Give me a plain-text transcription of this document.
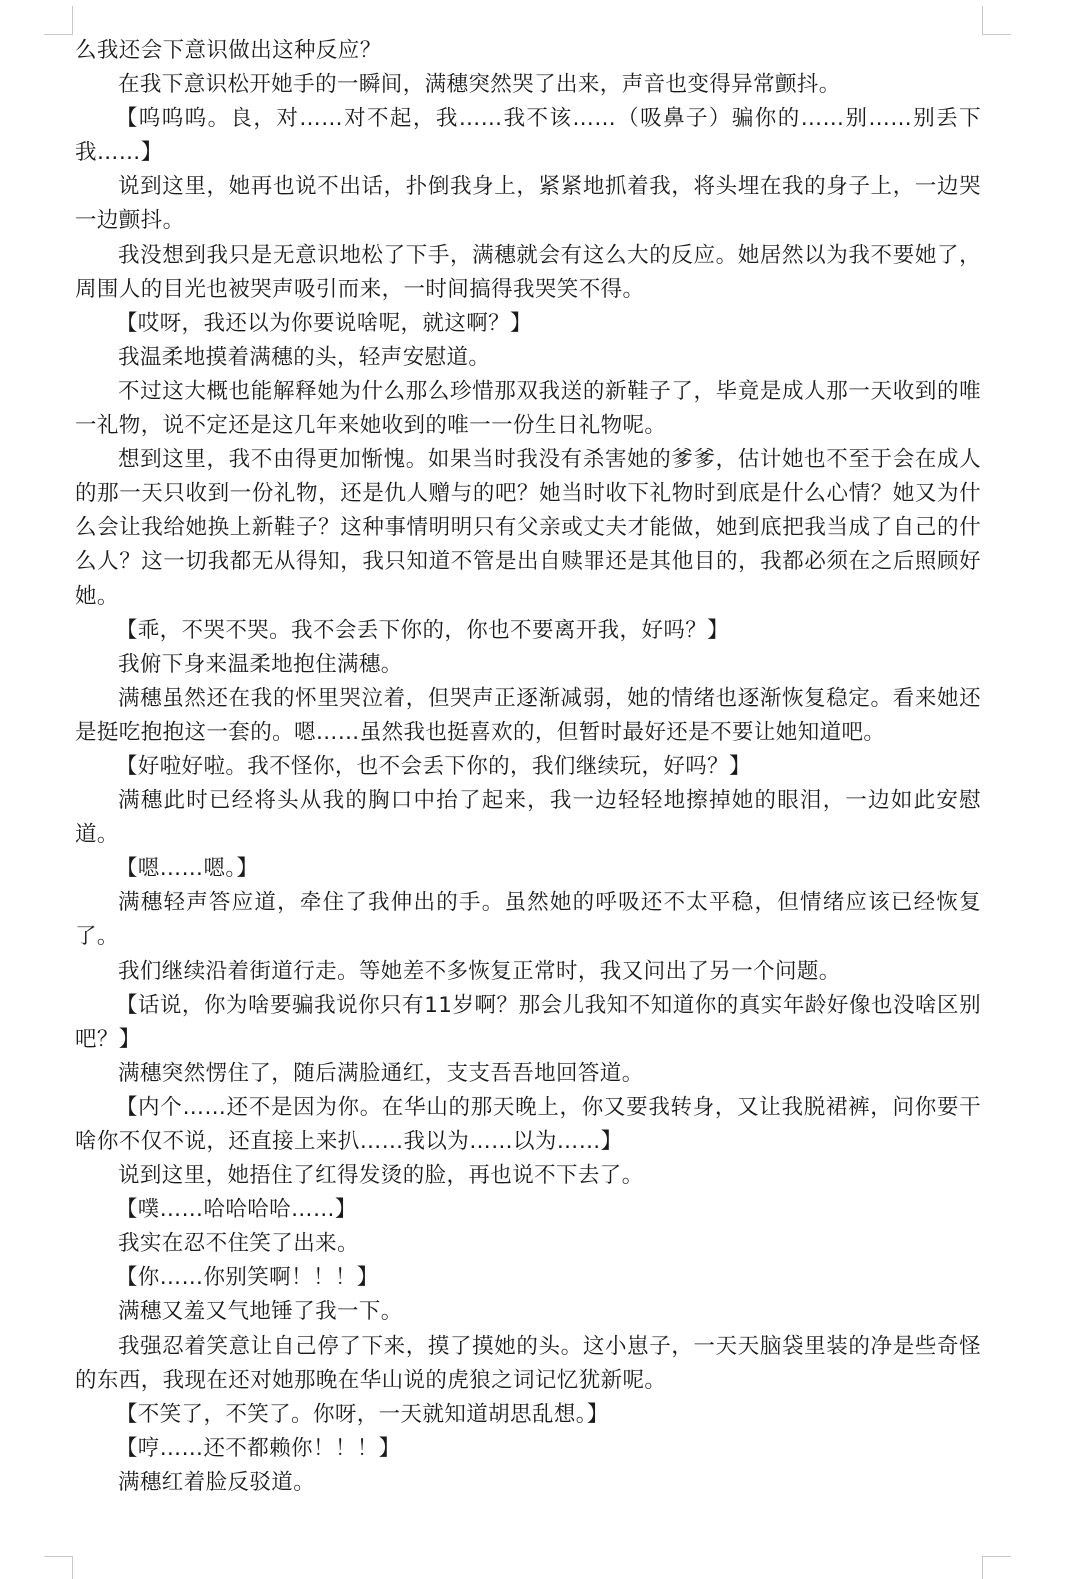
么我还会下意识做出这种反应？

在我下意识松开她手的一瞬间，满穗突然哭了出来，声音也变得异常颤抖。

【呜呜呜。良，对……对不起，我……我不该……（吸鼻子）骗你的……别……别丢下我……】

说到这里，她再也说不出话，扑倒我身上，紧紧地抓着我，将头埋在我的身子上，一边哭一边颤抖。

我没想到我只是无意识地松了下手，满穗就会有这么大的反应。她居然以为我不要她了，周围人的目光也被哭声吸引而来，一时间搞得我哭笑不得。

【哎呀，我还以为你要说啥呢，就这啊？】

我温柔地摸着满穗的头，轻声安慰道。

不过这大概也能解释她为什么那么珍惜那双我送的新鞋子了，毕竟是成人那一天收到的唯一礼物，说不定还是这几年来她收到的唯一一份生日礼物呢。

想到这里，我不由得更加惭愧。如果当时我没有杀害她的爹爹，估计她也不至于会在成人的那一天只收到一份礼物，还是仇人赠与的吧？她当时收下礼物时到底是什么心情？她又为什么会让我给她换上新鞋子？这种事情明明只有父亲或丈夫才能做，她到底把我当成了自己的什么人？这一切我都无从得知，我只知道不管是出自赎罪还是其他目的，我都必须在之后照顾好她。

【乖，不哭不哭。我不会丢下你的，你也不要离开我，好吗？】

我俯下身来温柔地抱住满穗。

满穗虽然还在我的怀里哭泣着，但哭声正逐渐减弱，她的情绪也逐渐恢复稳定。看来她还是挺吃抱抱这一套的。嗯……虽然我也挺喜欢的，但暂时最好还是不要让她知道吧。

【好啦好啦。我不怪你，也不会丢下你的，我们继续玩，好吗？】

满穗此时已经将头从我的胸口中抬了起来，我一边轻轻地擦掉她的眼泪，一边如此安慰道。

【嗯……嗯。】

满穗轻声答应道，牵住了我伸出的手。虽然她的呼吸还不太平稳，但情绪应该已经恢复了。

我们继续沿着街道行走。等她差不多恢复正常时，我又问出了另一个问题。

【话说，你为啥要骗我说你只有11岁啊？那会儿我知不知道你的真实年龄好像也没啥区别吧？】

满穗突然愣住了，随后满脸通红，支支吾吾地回答道。

【内个……还不是因为你。在华山的那天晚上，你又要我转身，又让我脱裙裤，问你要干啥你不仅不说，还直接上来扒……我以为……以为……】

说到这里，她捂住了红得发烫的脸，再也说不下去了。

【噗……哈哈哈哈……】

我实在忍不住笑了出来。

【你……你别笑啊！！！】

满穗又羞又气地锤了我一下。

我强忍着笑意让自己停了下来，摸了摸她的头。这小崽子，一天天脑袋里装的净是些奇怪的东西，我现在还对她那晚在华山说的虎狼之词记忆犹新呢。

【不笑了，不笑了。你呀，一天就知道胡思乱想。】

【哼……还不都赖你！！！】

满穗红着脸反驳道。
